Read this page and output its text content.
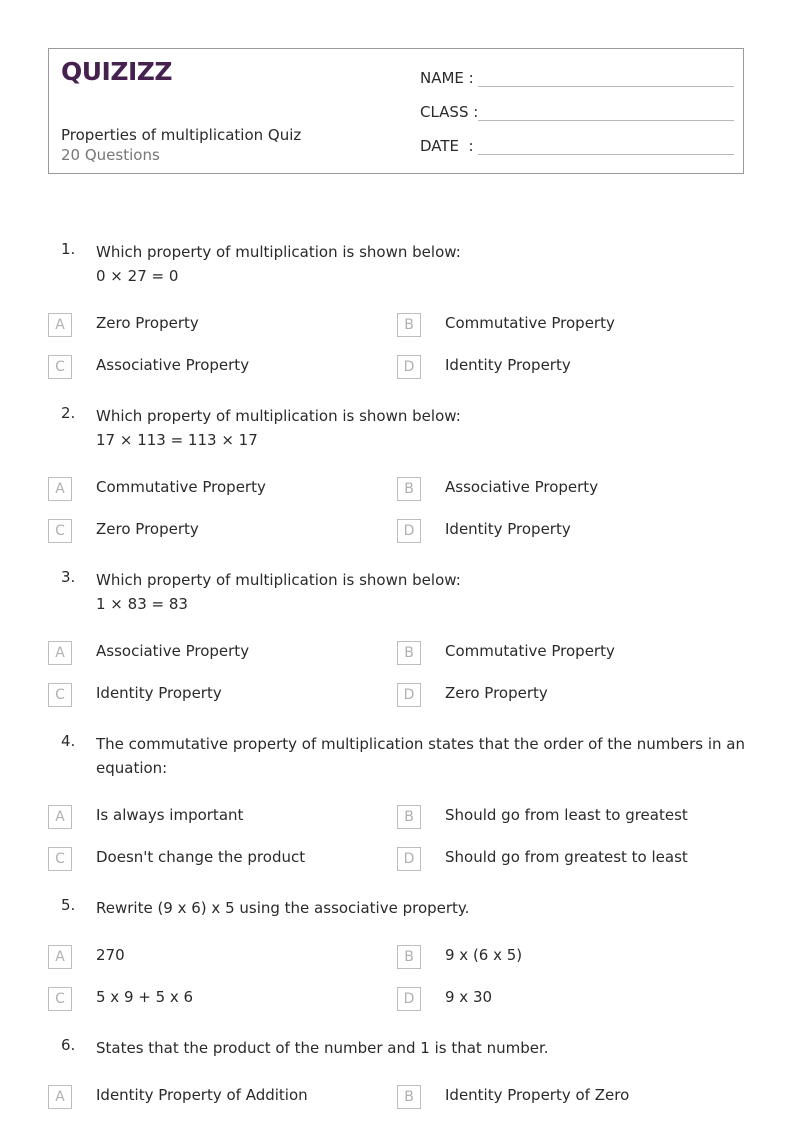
QUIZIZZ
Properties of multiplication Quiz
20 Questions
NAME :
CLASS :
DATE  :
1. Which property of multiplication is shown below:
0 × 27 = 0
A	Zero Property	B	Commutative Property
C	Associative Property	D	Identity Property
2. Which property of multiplication is shown below:
17 × 113 = 113 × 17
A	Commutative Property	B	Associative Property
C	Zero Property	D	Identity Property
3. Which property of multiplication is shown below:
1 × 83 = 83
A	Associative Property	B	Commutative Property
C	Identity Property	D	Zero Property
4. The commutative property of multiplication states that the order of the numbers in an
equation:
A	Is always important	B	Should go from least to greatest
C	Doesn't change the product	D	Should go from greatest to least
5. Rewrite (9 x 6) x 5 using the associative property.
A	270	B	9 x (6 x 5)
C	5 x 9 + 5 x 6	D	9 x 30
6. States that the product of the number and 1 is that number.
A	Identity Property of Addition	B	Identity Property of Zero
